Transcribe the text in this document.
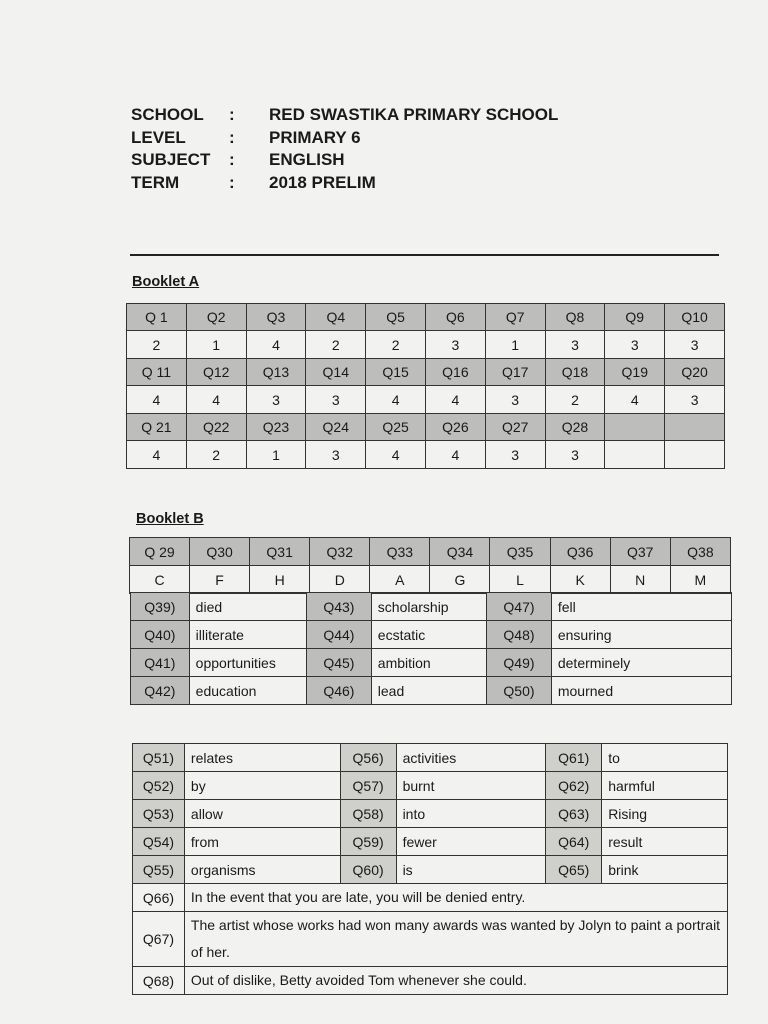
SCHOOL	:	RED SWASTIKA PRIMARY SCHOOL
LEVEL	:	PRIMARY 6
SUBJECT	:	ENGLISH
TERM	:	2018 PRELIM
Booklet A
Q 1	Q2	Q3	Q4	Q5	Q6	Q7	Q8	Q9	Q10
2	1	4	2	2	3	1	3	3	3
Q 11	Q12	Q13	Q14	Q15	Q16	Q17	Q18	Q19	Q20
4	4	3	3	4	4	3	2	4	3
Q 21	Q22	Q23	Q24	Q25	Q26	Q27	Q28		
4	2	1	3	4	4	3	3		
Booklet B
Q 29	Q30	Q31	Q32	Q33	Q34	Q35	Q36	Q37	Q38
C	F	H	D	A	G	L	K	N	M
Q39)	died	Q43)	scholarship	Q47)	fell
Q40)	illiterate	Q44)	ecstatic	Q48)	ensuring
Q41)	opportunities	Q45)	ambition	Q49)	determinely
Q42)	education	Q46)	lead	Q50)	mourned
Q51)	relates	Q56)	activities	Q61)	to
Q52)	by	Q57)	burnt	Q62)	harmful
Q53)	allow	Q58)	into	Q63)	Rising
Q54)	from	Q59)	fewer	Q64)	result
Q55)	organisms	Q60)	is	Q65)	brink
Q66)	In the event that you are late, you will be denied entry.				
Q67)	The artist whose works had won many awards was wanted by Jolyn to paint a portrait of her.				
Q68)	Out of dislike, Betty avoided Tom whenever she could.				
